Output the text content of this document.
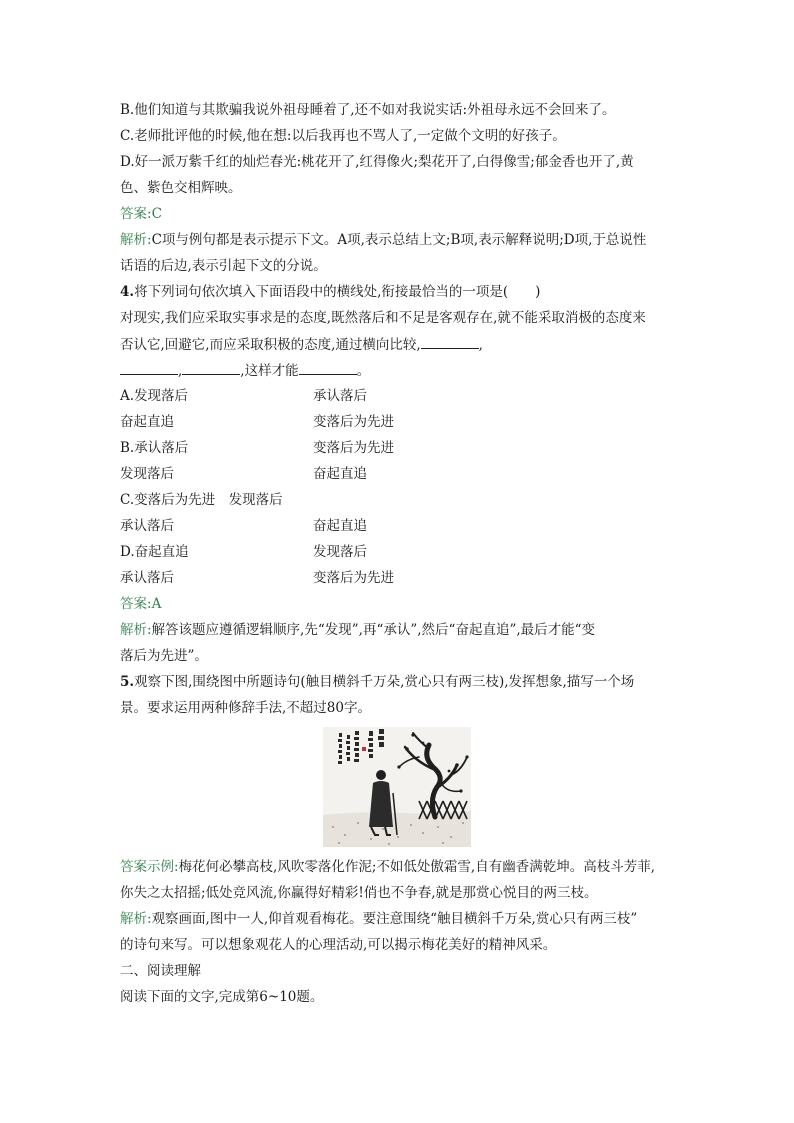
B.他们知道与其欺骗我说外祖母睡着了,还不如对我说实话:外祖母永远不会回来了。
C.老师批评他的时候,他在想:以后我再也不骂人了,一定做个文明的好孩子。
D.好一派万紫千红的灿烂春光:桃花开了,红得像火;梨花开了,白得像雪;郁金香也开了,黄
色、紫色交相辉映。
答案:C
解析:C项与例句都是表示提示下文。A项,表示总结上文;B项,表示解释说明;D项,于总说性
话语的后边,表示引起下文的分说。
4.将下列词句依次填入下面语段中的横线处,衔接最恰当的一项是(　　)
对现实,我们应采取实事求是的态度,既然落后和不足是客观存在,就不能采取消极的态度来
否认它,回避它,而应采取积极的态度,通过横向比较,	,
,	,这样才能	。
A.发现落后	承认落后
奋起直追	变落后为先进
B.承认落后	变落后为先进
发现落后	奋起直追
C.变落后为先进　发现落后
承认落后	奋起直追
D.奋起直追	发现落后
承认落后	变落后为先进
答案:A
解析:解答该题应遵循逻辑顺序,先“发现”,再“承认”,然后“奋起直追”,最后才能“变
落后为先进”。
5.观察下图,围绕图中所题诗句(触目横斜千万朵,赏心只有两三枝),发挥想象,描写一个场
景。要求运用两种修辞手法,不超过80字。
答案示例:梅花何必攀高枝,风吹零落化作泥;不如低处傲霜雪,自有幽香满乾坤。高枝斗芳菲,
你失之太招摇;低处竞风流,你赢得好精彩!俏也不争春,就是那赏心悦目的两三枝。
解析:观察画面,图中一人,仰首观看梅花。要注意围绕“触目横斜千万朵,赏心只有两三枝”
的诗句来写。可以想象观花人的心理活动,可以揭示梅花美好的精神风采。
二、阅读理解
阅读下面的文字,完成第6~10题。
